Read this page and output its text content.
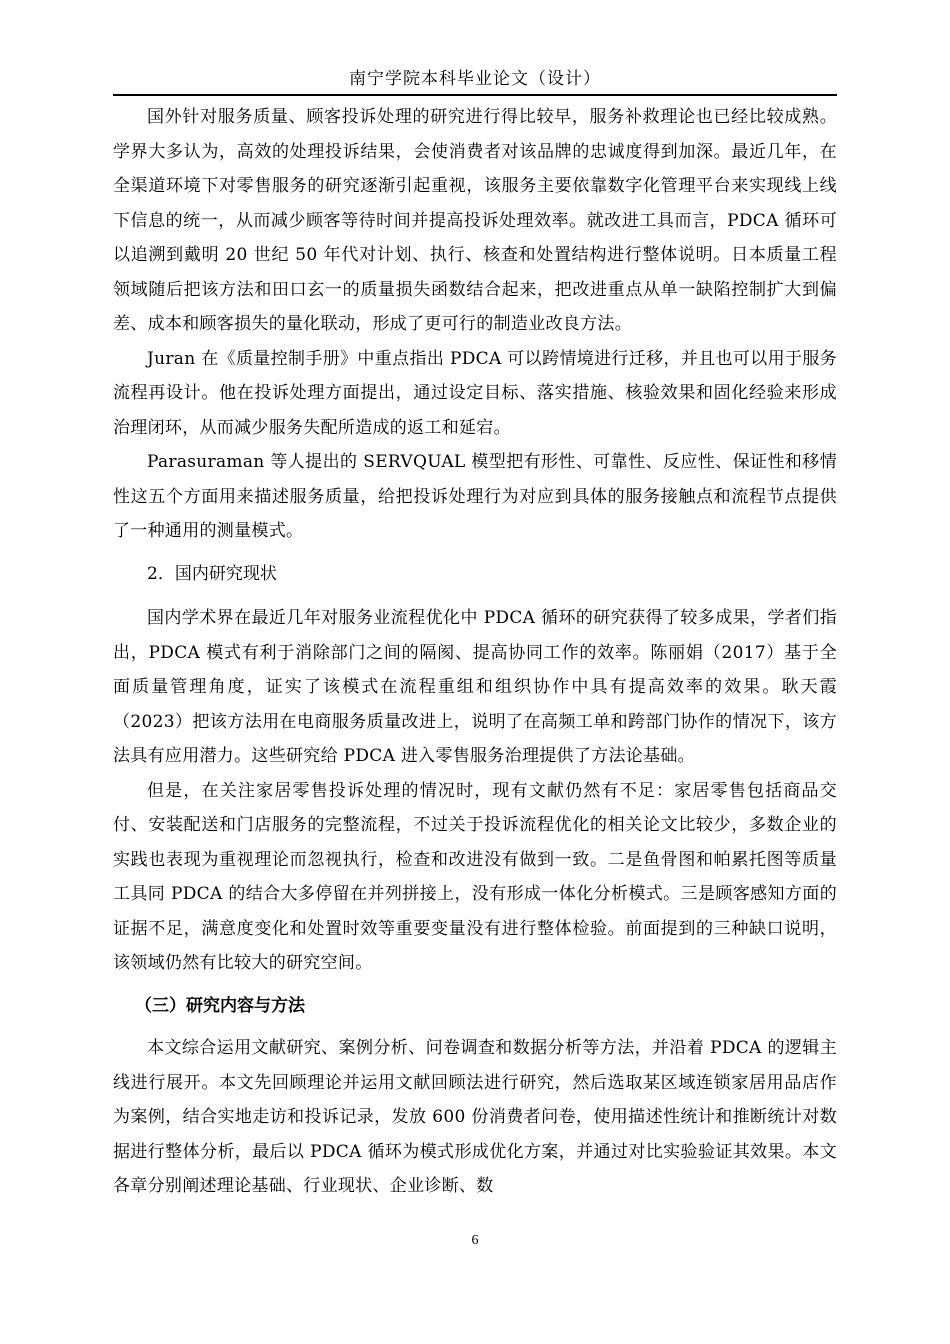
南宁学院本科毕业论文（设计）

国外针对服务质量、顾客投诉处理的研究进行得比较早，服务补救理论也已经比较成熟。学界大多认为，高效的处理投诉结果，会使消费者对该品牌的忠诚度得到加深。最近几年，在全渠道环境下对零售服务的研究逐渐引起重视，该服务主要依靠数字化管理平台来实现线上线下信息的统一，从而减少顾客等待时间并提高投诉处理效率。就改进工具而言，PDCA 循环可以追溯到戴明 20 世纪 50 年代对计划、执行、核查和处置结构进行整体说明。日本质量工程领域随后把该方法和田口玄一的质量损失函数结合起来，把改进重点从单一缺陷控制扩大到偏差、成本和顾客损失的量化联动，形成了更可行的制造业改良方法。

Juran 在《质量控制手册》中重点指出 PDCA 可以跨情境进行迁移，并且也可以用于服务流程再设计。他在投诉处理方面提出，通过设定目标、落实措施、核验效果和固化经验来形成治理闭环，从而减少服务失配所造成的返工和延宕。

Parasuraman 等人提出的 SERVQUAL 模型把有形性、可靠性、反应性、保证性和移情性这五个方面用来描述服务质量，给把投诉处理行为对应到具体的服务接触点和流程节点提供了一种通用的测量模式。

2．国内研究现状

国内学术界在最近几年对服务业流程优化中 PDCA 循环的研究获得了较多成果，学者们指出，PDCA 模式有利于消除部门之间的隔阂、提高协同工作的效率。陈丽娟（2017）基于全面质量管理角度，证实了该模式在流程重组和组织协作中具有提高效率的效果。耿天霞（2023）把该方法用在电商服务质量改进上，说明了在高频工单和跨部门协作的情况下，该方法具有应用潜力。这些研究给 PDCA 进入零售服务治理提供了方法论基础。

但是，在关注家居零售投诉处理的情况时，现有文献仍然有不足：家居零售包括商品交付、安装配送和门店服务的完整流程，不过关于投诉流程优化的相关论文比较少，多数企业的实践也表现为重视理论而忽视执行，检查和改进没有做到一致。二是鱼骨图和帕累托图等质量工具同 PDCA 的结合大多停留在并列拼接上，没有形成一体化分析模式。三是顾客感知方面的证据不足，满意度变化和处置时效等重要变量没有进行整体检验。前面提到的三种缺口说明，该领域仍然有比较大的研究空间。

（三）研究内容与方法

本文综合运用文献研究、案例分析、问卷调查和数据分析等方法，并沿着 PDCA 的逻辑主线进行展开。本文先回顾理论并运用文献回顾法进行研究，然后选取某区域连锁家居用品店作为案例，结合实地走访和投诉记录，发放 600 份消费者问卷，使用描述性统计和推断统计对数据进行整体分析，最后以 PDCA 循环为模式形成优化方案，并通过对比实验验证其效果。本文各章分别阐述理论基础、行业现状、企业诊断、数

6
